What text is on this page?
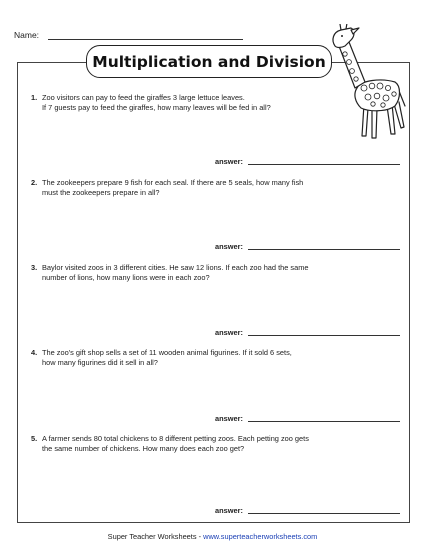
Name:
Multiplication and Division
1. Zoo visitors can pay to feed the giraffes 3 large lettuce leaves.
If 7 guests pay to feed the giraffes, how many leaves will be fed in all?
answer:
2. The zookeepers prepare 9 fish for each seal. If there are 5 seals, how many fish
must the zookeepers prepare in all?
answer:
3. Baylor visited zoos in 3 different cities. He saw 12 lions. If each zoo had the same
number of lions, how many lions were in each zoo?
answer:
4. The zoo's gift shop sells a set of 11 wooden animal figurines. If it sold 6 sets,
how many figurines did it sell in all?
answer:
5. A farmer sends 80 total chickens to 8 different petting zoos. Each petting zoo gets
the same number of chickens. How many does each zoo get?
answer:
Super Teacher Worksheets - www.superteacherworksheets.com
